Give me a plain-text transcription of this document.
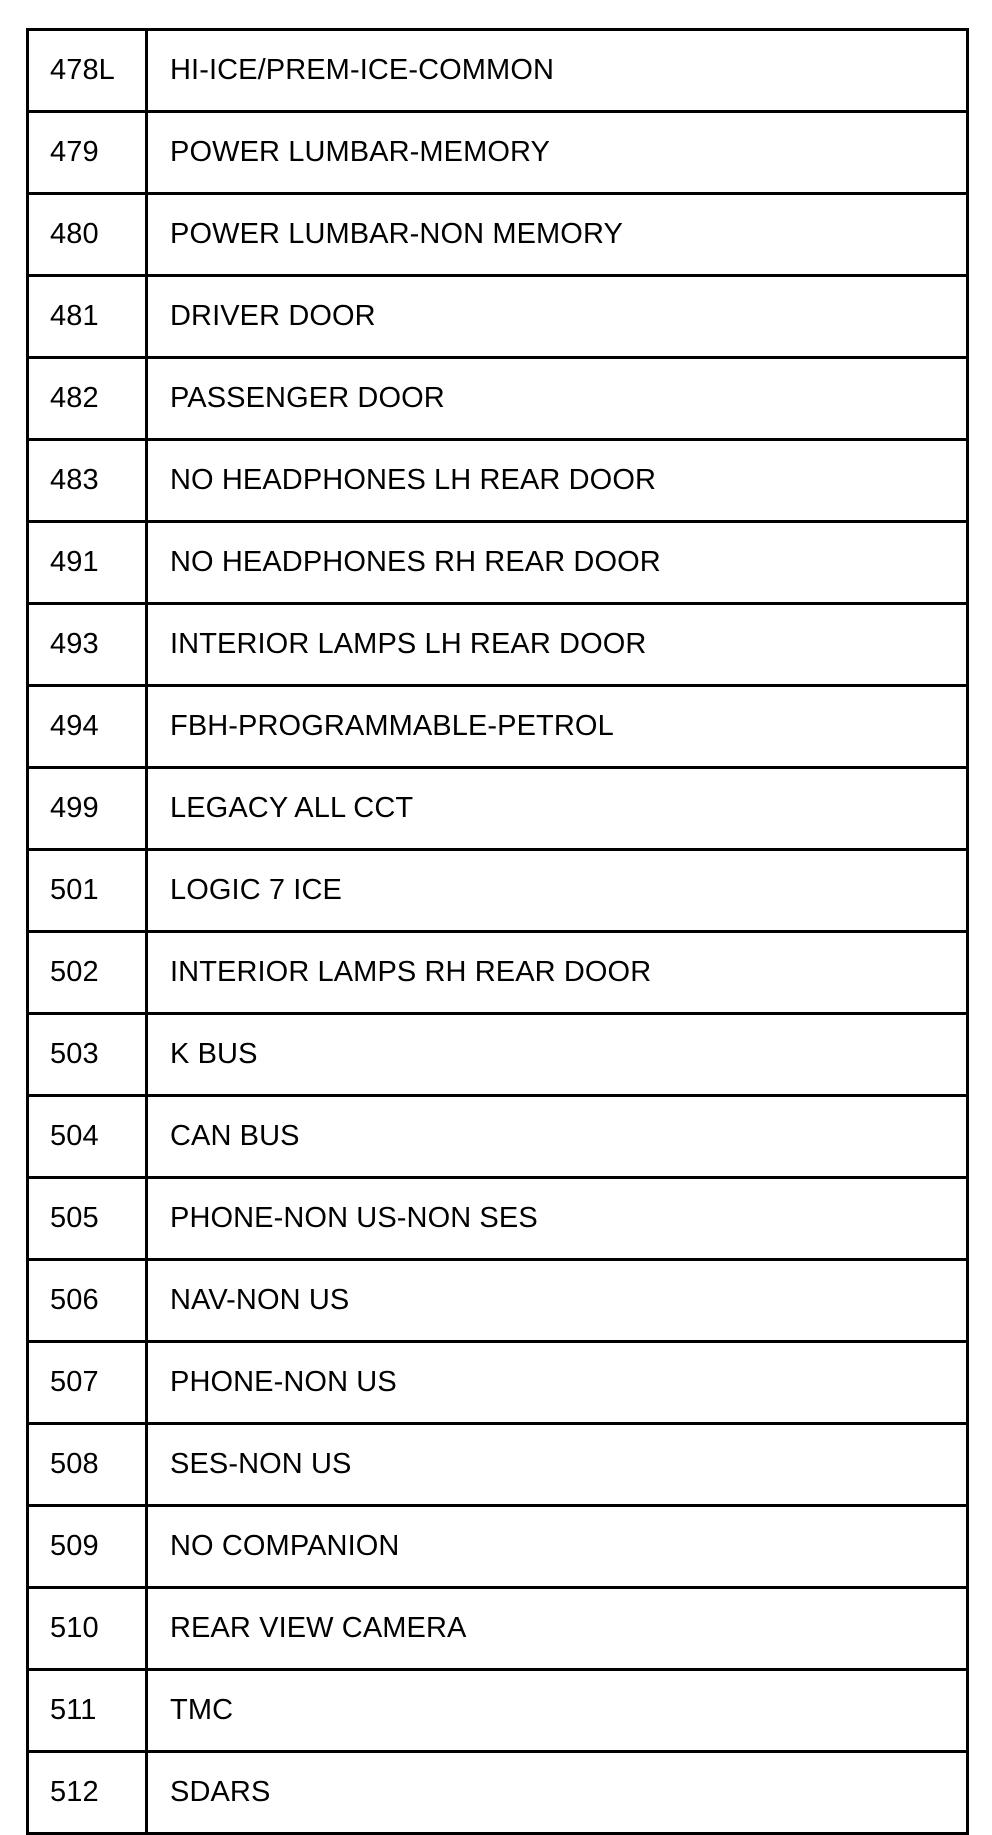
478L	HI-ICE/PREM-ICE-COMMON
479	POWER LUMBAR-MEMORY
480	POWER LUMBAR-NON MEMORY
481	DRIVER DOOR
482	PASSENGER DOOR
483	NO HEADPHONES LH REAR DOOR
491	NO HEADPHONES RH REAR DOOR
493	INTERIOR LAMPS LH REAR DOOR
494	FBH-PROGRAMMABLE-PETROL
499	LEGACY ALL CCT
501	LOGIC 7 ICE
502	INTERIOR LAMPS RH REAR DOOR
503	K BUS
504	CAN BUS
505	PHONE-NON US-NON SES
506	NAV-NON US
507	PHONE-NON US
508	SES-NON US
509	NO COMPANION
510	REAR VIEW CAMERA
511	TMC
512	SDARS
